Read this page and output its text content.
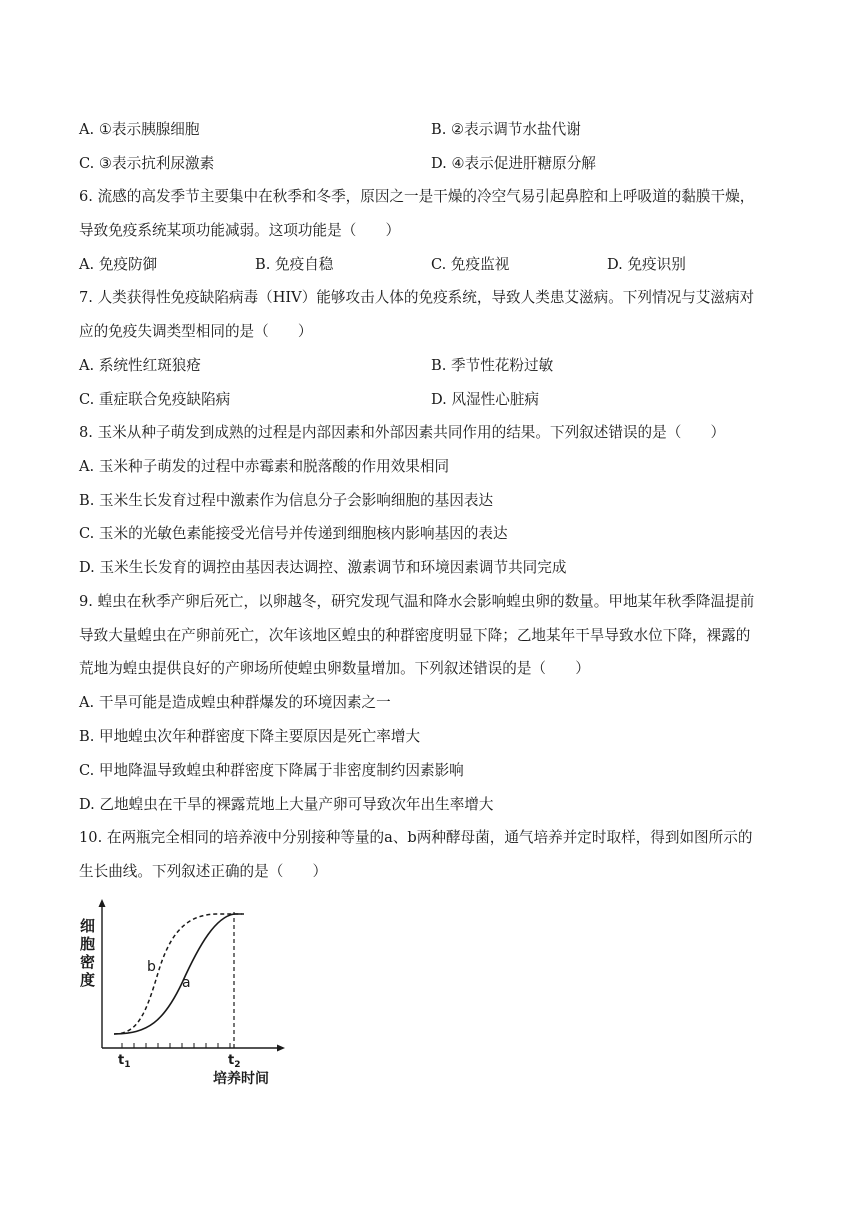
A. ①表示胰腺细胞	B. ②表示调节水盐代谢
C. ③表示抗利尿激素	D. ④表示促进肝糖原分解
6. 流感的高发季节主要集中在秋季和冬季，原因之一是干燥的冷空气易引起鼻腔和上呼吸道的黏膜干燥，
导致免疫系统某项功能减弱。这项功能是（　　）
A. 免疫防御	B. 免疫自稳	C. 免疫监视	D. 免疫识别
7. 人类获得性免疫缺陷病毒（HIV）能够攻击人体的免疫系统，导致人类患艾滋病。下列情况与艾滋病对
应的免疫失调类型相同的是（　　）
A. 系统性红斑狼疮	B. 季节性花粉过敏
C. 重症联合免疫缺陷病	D. 风湿性心脏病
8. 玉米从种子萌发到成熟的过程是内部因素和外部因素共同作用的结果。下列叙述错误的是（　　）
A. 玉米种子萌发的过程中赤霉素和脱落酸的作用效果相同
B. 玉米生长发育过程中激素作为信息分子会影响细胞的基因表达
C. 玉米的光敏色素能接受光信号并传递到细胞核内影响基因的表达
D. 玉米生长发育的调控由基因表达调控、激素调节和环境因素调节共同完成
9. 蝗虫在秋季产卵后死亡，以卵越冬，研究发现气温和降水会影响蝗虫卵的数量。甲地某年秋季降温提前
导致大量蝗虫在产卵前死亡，次年该地区蝗虫的种群密度明显下降；乙地某年干旱导致水位下降，裸露的
荒地为蝗虫提供良好的产卵场所使蝗虫卵数量增加。下列叙述错误的是（　　）
A. 干旱可能是造成蝗虫种群爆发的环境因素之一
B. 甲地蝗虫次年种群密度下降主要原因是死亡率增大
C. 甲地降温导致蝗虫种群密度下降属于非密度制约因素影响
D. 乙地蝗虫在干旱的裸露荒地上大量产卵可导致次年出生率增大
10. 在两瓶完全相同的培养液中分别接种等量的a、b两种酵母菌，通气培养并定时取样，得到如图所示的
生长曲线。下列叙述正确的是（　　）
b
a
细
胞
密
度
$t_1$	$t_2$
培养时间
